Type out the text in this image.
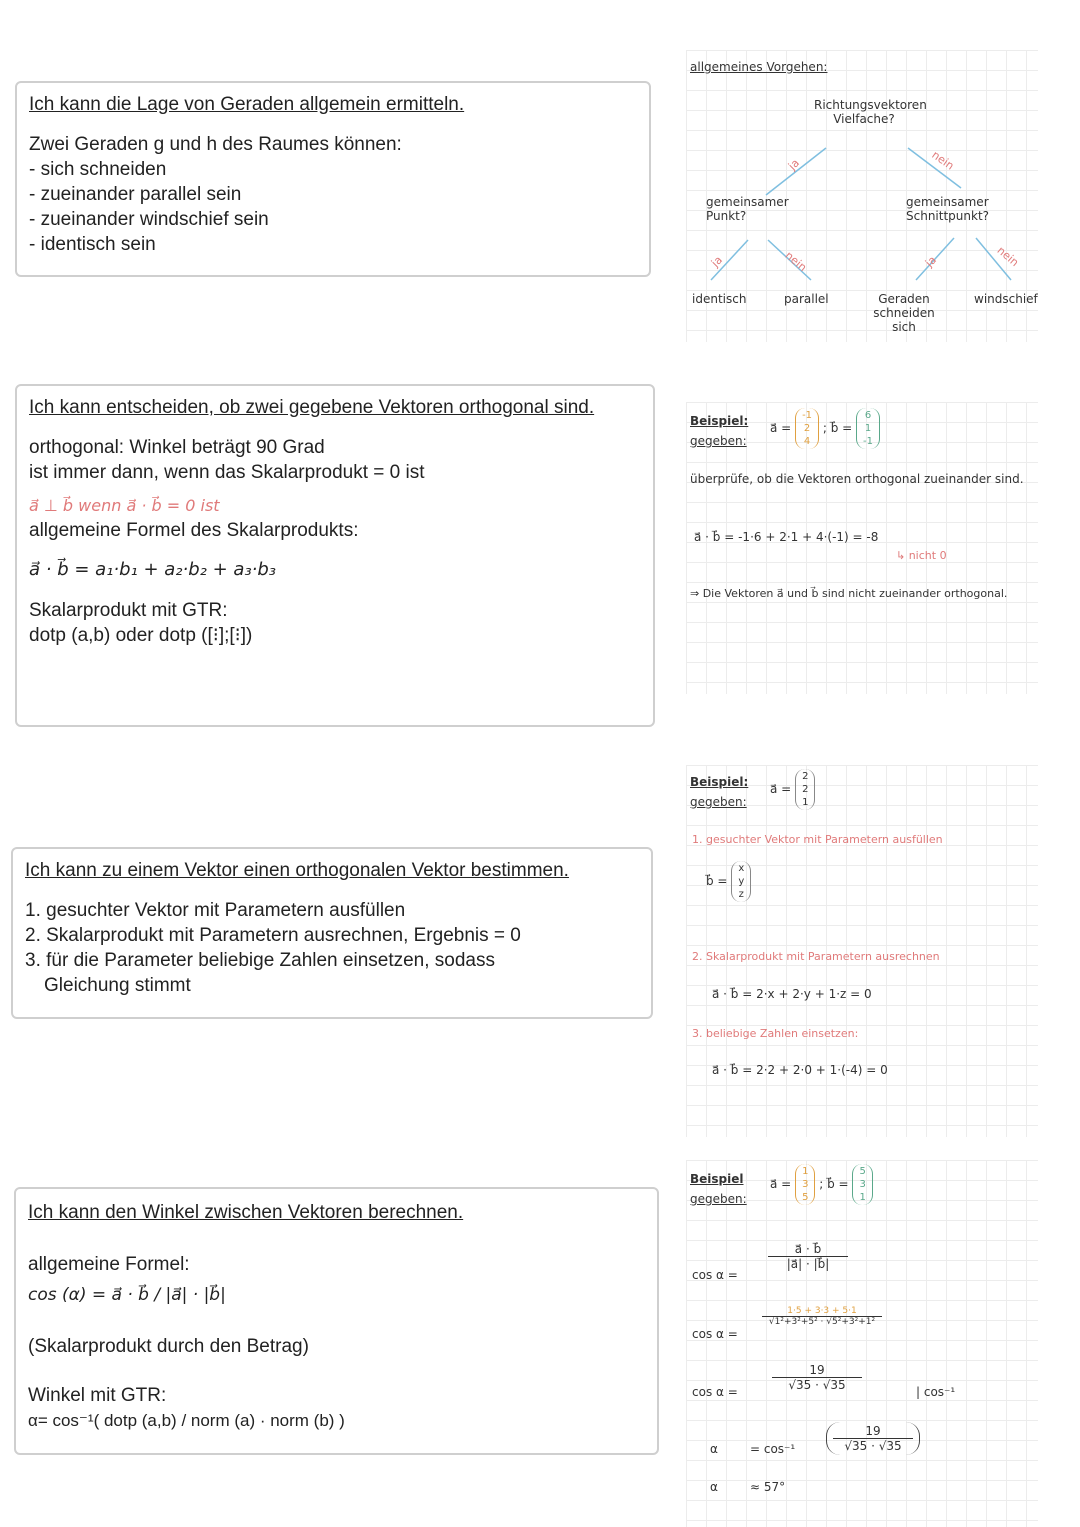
Ich kann die Lage von Geraden allgemein ermitteln.
Zwei Geraden g und h des Raumes können:
- sich schneiden
- zueinander parallel sein
- zueinander windschief sein
- identisch sein
Ich kann entscheiden, ob zwei gegebene Vektoren orthogonal sind.
orthogonal: Winkel beträgt 90 Grad
ist immer dann, wenn das Skalarprodukt = 0 ist
a⃗ ⊥ b⃗ wenn a⃗ · b⃗ = 0 ist
allgemeine Formel des Skalarprodukts:
a⃗ · b⃗ = a₁·b₁ + a₂·b₂ + a₃·b₃
Skalarprodukt mit GTR:
dotp (a,b) oder dotp ([⁝];[⁝])
Ich kann zu einem Vektor einen orthogonalen Vektor bestimmen.
1. gesuchter Vektor mit Parametern ausfüllen
2. Skalarprodukt mit Parametern ausrechnen, Ergebnis = 0
3. für die Parameter beliebige Zahlen einsetzen, sodass
Gleichung stimmt
Ich kann den Winkel zwischen Vektoren berechnen.
allgemeine Formel:
cos (α) = a⃗ · b⃗ / |a⃗| · |b⃗|
(Skalarprodukt durch den Betrag)
Winkel mit GTR:
α= cos⁻¹( dotp (a,b) / norm (a) · norm (b) )
allgemeines Vorgehen:
Richtungsvektoren Vielfache?
ja	nein
gemeinsamer Punkt?
gemeinsamer Schnittpunkt?
ja	nein	ja	nein
identisch	parallel	Geraden schneiden sich
windschief
Beispiel:
gegeben:
a⃗ = -1
2
4 ; b⃗ = 6
1
-1
überprüfe, ob die Vektoren orthogonal zueinander sind.
a⃗ · b⃗ = -1·6 + 2·1 + 4·(-1) = -8
↳ nicht 0
⇒ Die Vektoren a⃗ und b⃗ sind nicht zueinander orthogonal.
Beispiel:
gegeben:
a⃗ = 2
2
1
1. gesuchter Vektor mit Parametern ausfüllen
b⃗ = x
y
z
2. Skalarprodukt mit Parametern ausrechnen
a⃗ · b⃗ = 2·x + 2·y + 1·z = 0
3. beliebige Zahlen einsetzen:
a⃗ · b⃗ = 2·2 + 2·0 + 1·(-4) = 0
Beispiel
gegeben:
a⃗ = 1
3
5 ; b⃗ = 5
3
1
cos α =
a⃗ · b⃗
|a⃗| · |b⃗|
cos α =
1·5 + 3·3 + 5·1
√1²+3²+5² · √5²+3²+1²
cos α =
19
√35 · √35	| cos⁻¹
α	= cos⁻¹
19
√35 · √35
α	≈ 57°
